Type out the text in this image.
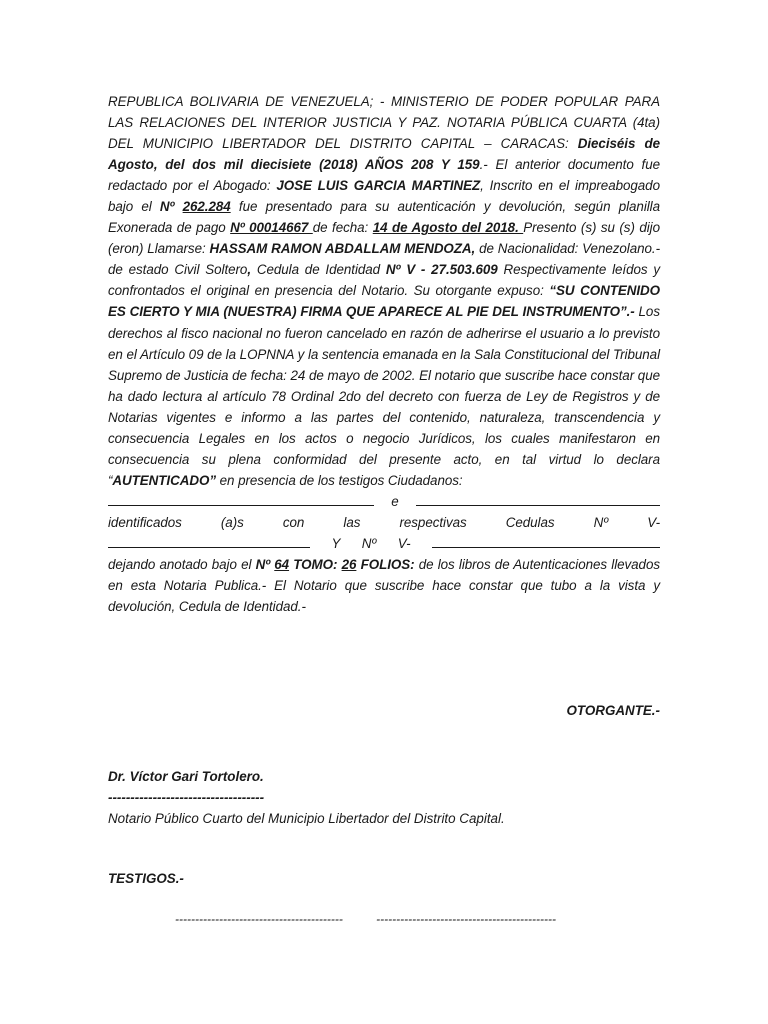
REPUBLICA BOLIVARIA DE VENEZUELA; - MINISTERIO DE PODER POPULAR PARA LAS RELACIONES DEL INTERIOR JUSTICIA Y PAZ. NOTARIA PÚBLICA CUARTA (4ta) DEL MUNICIPIO LIBERTADOR DEL DISTRITO CAPITAL – CARACAS: Dieciséis de Agosto, del dos mil diecisiete (2018) AÑOS 208 Y 159.- El anterior documento fue redactado por el Abogado: JOSE LUIS GARCIA MARTINEZ, Inscrito en el impreabogado bajo el Nº 262.284 fue presentado para su autenticación y devolución, según planilla Exonerada de pago Nº 00014667 de fecha: 14 de Agosto del 2018. Presento (s) su (s) dijo (eron) Llamarse: HASSAM RAMON ABDALLAM MENDOZA, de Nacionalidad: Venezolano.- de estado Civil Soltero, Cedula de Identidad Nº V - 27.503.609 Respectivamente leídos y confrontados el original en presencia del Notario. Su otorgante expuso: “SU CONTENIDO ES CIERTO Y MIA (NUESTRA) FIRMA QUE APARECE AL PIE DEL INSTRUMENTO”.- Los derechos al fisco nacional no fueron cancelado en razón de adherirse el usuario a lo previsto en el Artículo 09 de la LOPNNA y la sentencia emanada en la Sala Constitucional del Tribunal Supremo de Justicia de fecha: 24 de mayo de 2002. El notario que suscribe hace constar que ha dado lectura al artículo 78 Ordinal 2do del decreto con fuerza de Ley de Registros y de Notarias vigentes e informo a las partes del contenido, naturaleza, transcendencia y consecuencia Legales en los actos o negocio Jurídicos, los cuales manifestaron en consecuencia su plena conformidad del presente acto, en tal virtud lo declara “AUTENTICADO” en presencia de los testigos Ciudadanos:
e
identificados	(a)s	con	las	respectivas	Cedulas	Nº	V-
Y Nº V-
dejando anotado bajo el Nº 64 TOMO: 26 FOLIOS: de los libros de Autenticaciones llevados en esta Notaria Publica.- El Notario que suscribe hace constar que tubo a la vista y devolución, Cedula de Identidad.-
OTORGANTE.-
Dr. Víctor Gari Tortolero.
-----------------------------------
Notario Público Cuarto del Municipio Libertador del Distrito Capital.
TESTIGOS.-
------------------------------------------          ---------------------------------------------
